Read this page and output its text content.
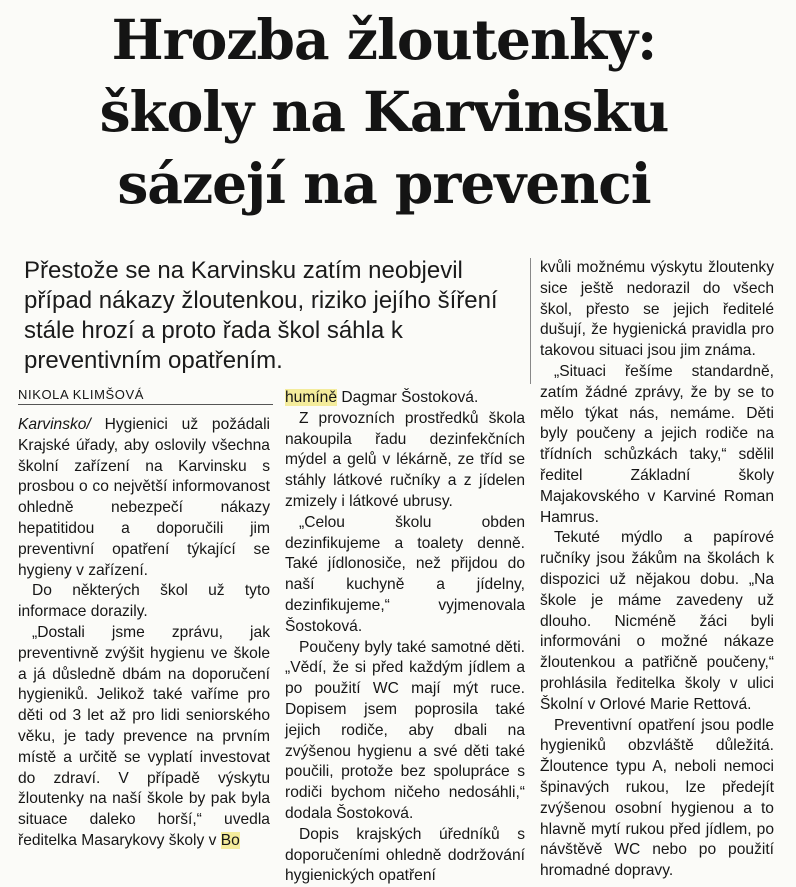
Hrozba žloutenky:
školy na Karvinsku
sázejí na prevenci
Přestože se na Karvinsku zatím neobjevil případ nákazy žloutenkou, riziko jejího šíření stále hrozí a proto řada škol sáhla k preventivním opatřením.
NIKOLA KLIMŠOVÁ

Karvinsko/ Hygienici už požádali Krajské úřady, aby oslovily všechna školní zařízení na Karvinsku s prosbou o co největší informovanost ohledně nebezpečí nákazy hepatitidou a doporučili jim preventivní opatření týkající se hygieny v zařízení.

Do některých škol už tyto informace dorazily.

„Dostali jsme zprávu, jak preventivně zvýšit hygienu ve škole a já důsledně dbám na doporučení hygieniků. Jelikož také vaříme pro děti od 3 let až pro lidi seniorského věku, je tady prevence na prvním místě a určitě se vyplatí investovat do zdraví. V případě výskytu žloutenky na naší škole by pak byla situace daleko horší,“ uvedla ředitelka Masarykovy školy v Bo

humíně Dagmar Šostoková.

Z provozních prostředků škola nakoupila řadu dezinfekčních mýdel a gelů v lékárně, ze tříd se stáhly látkové ručníky a z jídelen zmizely i látkové ubrusy.

„Celou školu obden dezinfikujeme a toalety denně. Také jídlonosiče, než přijdou do naší kuchyně a jídelny, dezinfikujeme,“ vyjmenovala Šostoková.

Poučeny byly také samotné děti. „Vědí, že si před každým jídlem a po použití WC mají mýt ruce. Dopisem jsem poprosila také jejich rodiče, aby dbali na zvýšenou hygienu a své děti také poučili, protože bez spolupráce s rodiči bychom ničeho nedosáhli,“ dodala Šostoková.

Dopis krajských úředníků s doporučeními ohledně dodržování hygienických opatření

kvůli možnému výskytu žloutenky sice ještě nedorazil do všech škol, přesto se jejich ředitelé dušují, že hygienická pravidla pro takovou situaci jsou jim známa.

„Situaci řešíme standardně, zatím žádné zprávy, že by se to mělo týkat nás, nemáme. Děti byly poučeny a jejich rodiče na třídních schůzkách taky,“ sdělil ředitel Základní školy Majakovského v Karviné Roman Hamrus.

Tekuté mýdlo a papírové ručníky jsou žákům na školách k dispozici už nějakou dobu. „Na škole je máme zavedeny už dlouho. Nicméně žáci byli informováni o možné nákaze žloutenkou a patřičně poučeny,“ prohlásila ředitelka školy v ulici Školní v Orlové Marie Rettová.

Preventivní opatření jsou podle hygieniků obzvláště důležitá. Žloutence typu A, neboli nemoci špinavých rukou, lze předejít zvýšenou osobní hygienou a to hlavně mytí rukou před jídlem, po návštěvě WC nebo po použití hromadné dopravy.
